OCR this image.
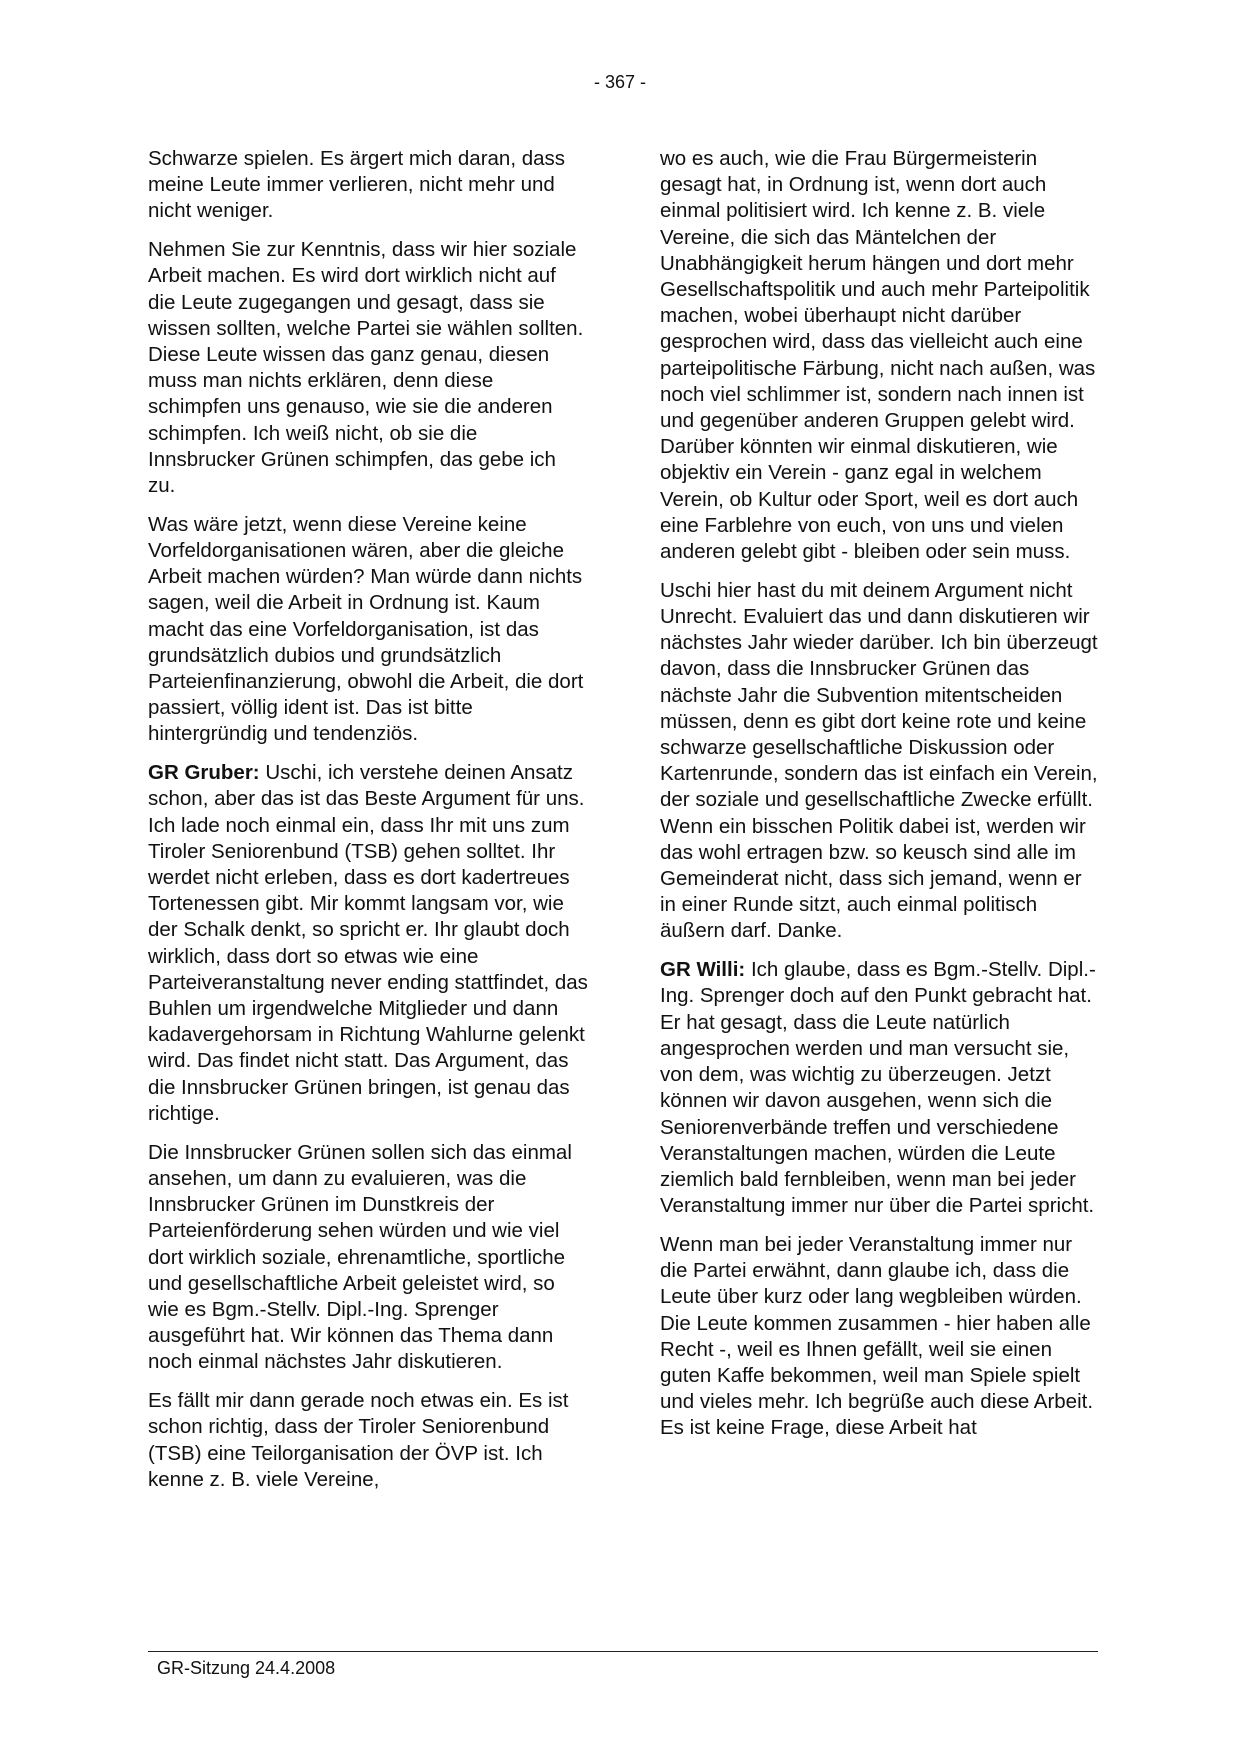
- 367 -

Schwarze spielen. Es ärgert mich daran, dass meine Leute immer verlieren, nicht mehr und nicht weniger.

Nehmen Sie zur Kenntnis, dass wir hier soziale Arbeit machen. Es wird dort wirklich nicht auf die Leute zugegangen und gesagt, dass sie wissen sollten, welche Partei sie wählen sollten. Diese Leute wissen das ganz genau, diesen muss man nichts erklären, denn diese schimpfen uns genauso, wie sie die anderen schimpfen. Ich weiß nicht, ob sie die Innsbrucker Grünen schimpfen, das gebe ich zu.

Was wäre jetzt, wenn diese Vereine keine Vorfeldorganisationen wären, aber die gleiche Arbeit machen würden? Man würde dann nichts sagen, weil die Arbeit in Ordnung ist. Kaum macht das eine Vorfeldorganisation, ist das grundsätzlich dubios und grundsätzlich Parteienfinanzierung, obwohl die Arbeit, die dort passiert, völlig ident ist. Das ist bitte hintergründig und tendenziös.

GR Gruber: Uschi, ich verstehe deinen Ansatz schon, aber das ist das Beste Argument für uns. Ich lade noch einmal ein, dass Ihr mit uns zum Tiroler Seniorenbund (TSB) gehen solltet. Ihr werdet nicht erleben, dass es dort kadertreues Tortenessen gibt. Mir kommt langsam vor, wie der Schalk denkt, so spricht er. Ihr glaubt doch wirklich, dass dort so etwas wie eine Parteiveranstaltung never ending stattfindet, das Buhlen um irgendwelche Mitglieder und dann kadavergehorsam in Richtung Wahlurne gelenkt wird. Das findet nicht statt. Das Argument, das die Innsbrucker Grünen bringen, ist genau das richtige.

Die Innsbrucker Grünen sollen sich das einmal ansehen, um dann zu evaluieren, was die Innsbrucker Grünen im Dunstkreis der Parteienförderung sehen würden und wie viel dort wirklich soziale, ehrenamtliche, sportliche und gesellschaftliche Arbeit geleistet wird, so wie es Bgm.-Stellv. Dipl.-Ing. Sprenger ausgeführt hat. Wir können das Thema dann noch einmal nächstes Jahr diskutieren.

Es fällt mir dann gerade noch etwas ein. Es ist schon richtig, dass der Tiroler Seniorenbund (TSB) eine Teilorganisation der ÖVP ist. Ich kenne z. B. viele Vereine,

wo es auch, wie die Frau Bürgermeisterin gesagt hat, in Ordnung ist, wenn dort auch einmal politisiert wird. Ich kenne z. B. viele Vereine, die sich das Mäntelchen der Unabhängigkeit herum hängen und dort mehr Gesellschaftspolitik und auch mehr Parteipolitik machen, wobei überhaupt nicht darüber gesprochen wird, dass das vielleicht auch eine parteipolitische Färbung, nicht nach außen, was noch viel schlimmer ist, sondern nach innen ist und gegenüber anderen Gruppen gelebt wird. Darüber könnten wir einmal diskutieren, wie objektiv ein Verein - ganz egal in welchem Verein, ob Kultur oder Sport, weil es dort auch eine Farblehre von euch, von uns und vielen anderen gelebt gibt - bleiben oder sein muss.

Uschi hier hast du mit deinem Argument nicht Unrecht. Evaluiert das und dann diskutieren wir nächstes Jahr wieder darüber. Ich bin überzeugt davon, dass die Innsbrucker Grünen das nächste Jahr die Subvention mitentscheiden müssen, denn es gibt dort keine rote und keine schwarze gesellschaftliche Diskussion oder Kartenrunde, sondern das ist einfach ein Verein, der soziale und gesellschaftliche Zwecke erfüllt. Wenn ein bisschen Politik dabei ist, werden wir das wohl ertragen bzw. so keusch sind alle im Gemeinderat nicht, dass sich jemand, wenn er in einer Runde sitzt, auch einmal politisch äußern darf. Danke.

GR Willi: Ich glaube, dass es Bgm.-Stellv. Dipl.-Ing. Sprenger doch auf den Punkt gebracht hat. Er hat gesagt, dass die Leute natürlich angesprochen werden und man versucht sie, von dem, was wichtig zu überzeugen. Jetzt können wir davon ausgehen, wenn sich die Seniorenverbände treffen und verschiedene Veranstaltungen machen, würden die Leute ziemlich bald fernbleiben, wenn man bei jeder Veranstaltung immer nur über die Partei spricht.

Wenn man bei jeder Veranstaltung immer nur die Partei erwähnt, dann glaube ich, dass die Leute über kurz oder lang wegbleiben würden. Die Leute kommen zusammen - hier haben alle Recht -, weil es Ihnen gefällt, weil sie einen guten Kaffe bekommen, weil man Spiele spielt und vieles mehr. Ich begrüße auch diese Arbeit. Es ist keine Frage, diese Arbeit hat

GR-Sitzung 24.4.2008
